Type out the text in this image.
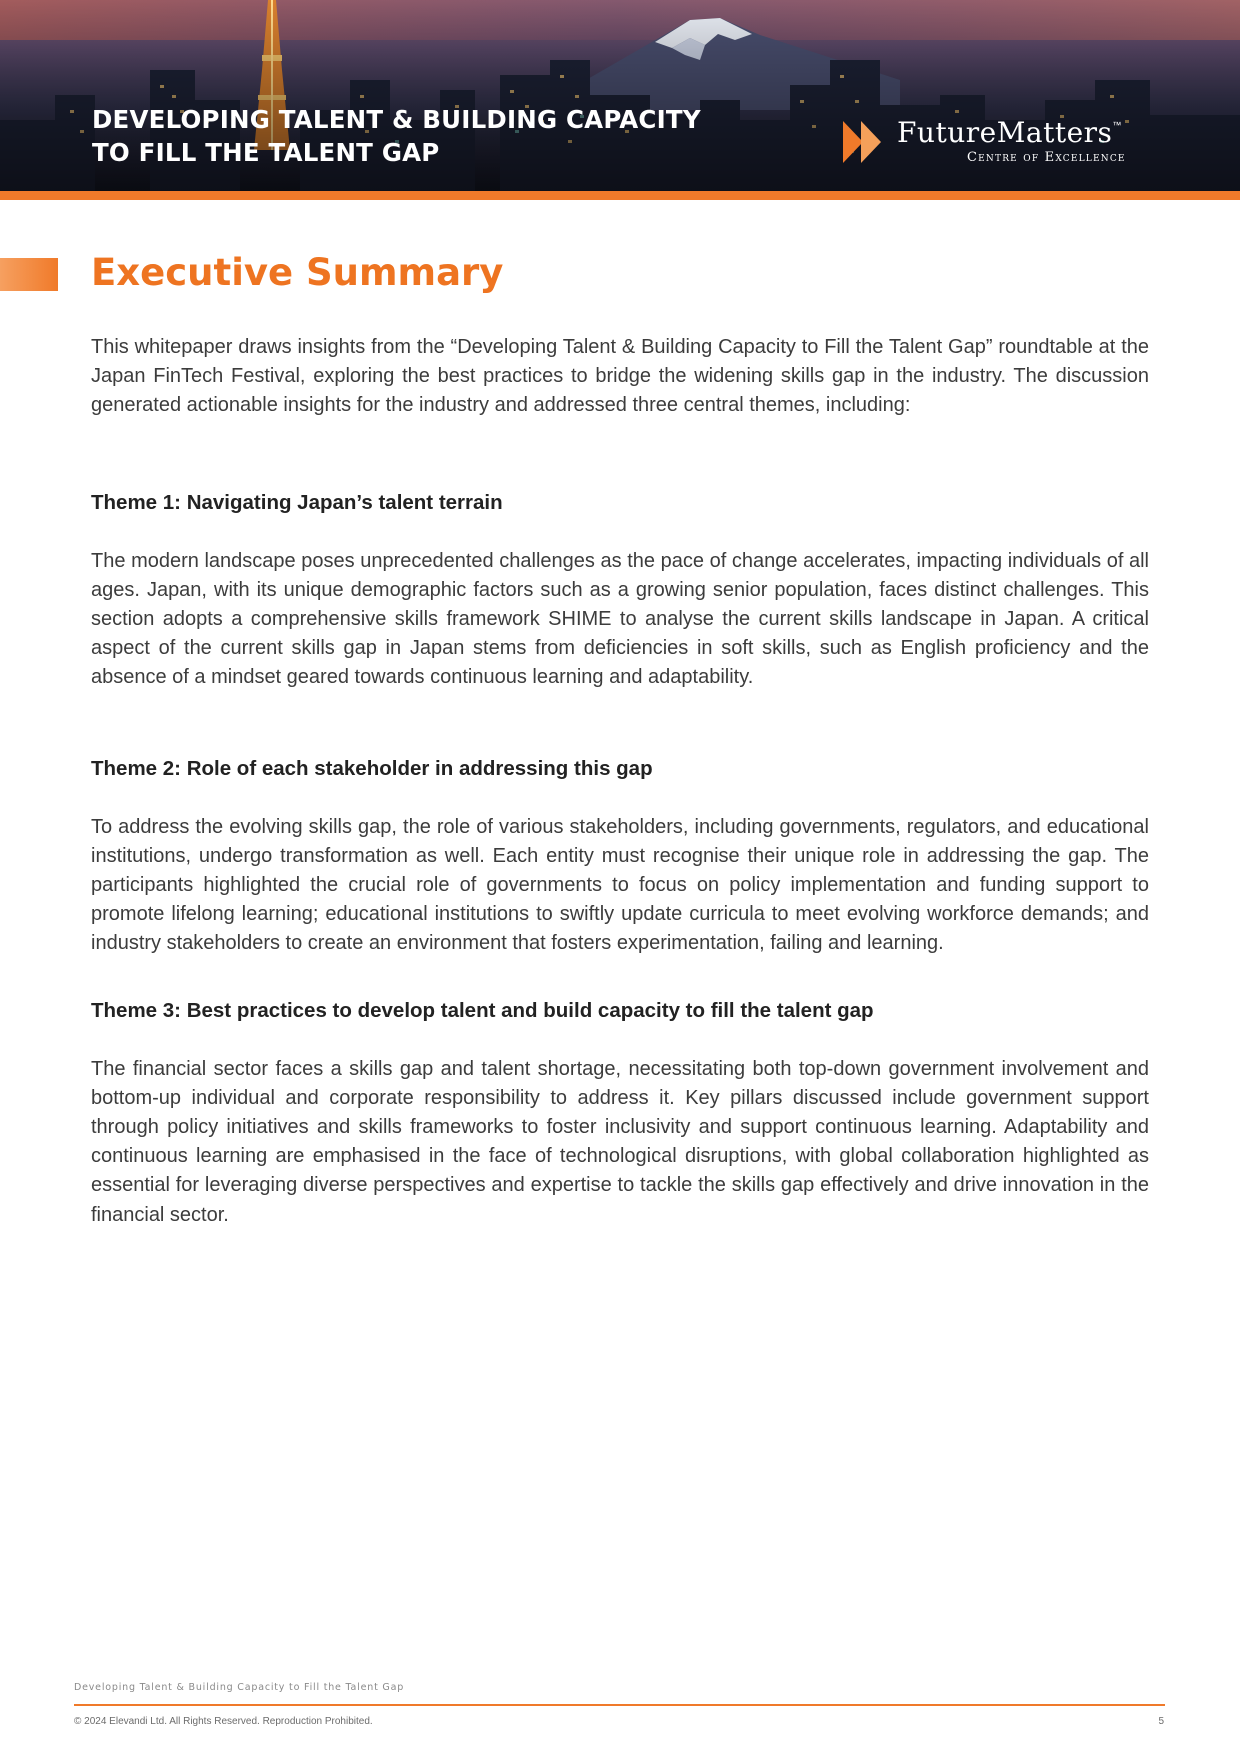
DEVELOPING TALENT & BUILDING CAPACITY
TO FILL THE TALENT GAP
FutureMatters™
Centre of Excellence
Executive Summary

This whitepaper draws insights from the “Developing Talent & Building Capacity to Fill the Talent Gap” roundtable at the Japan FinTech Festival, exploring the best practices to bridge the widening skills gap in the industry. The discussion generated actionable insights for the industry and addressed three central themes, including:

Theme 1: Navigating Japan’s talent terrain

The modern landscape poses unprecedented challenges as the pace of change accelerates, impacting individuals of all ages. Japan, with its unique demographic factors such as a growing senior population, faces distinct challenges. This section adopts a comprehensive skills framework SHIME to analyse the current skills landscape in Japan. A critical aspect of the current skills gap in Japan stems from deficiencies in soft skills, such as English proficiency and the absence of a mindset geared towards continuous learning and adaptability.

Theme 2: Role of each stakeholder in addressing this gap

To address the evolving skills gap, the role of various stakeholders, including governments, regulators, and educational institutions, undergo transformation as well. Each entity must recognise their unique role in addressing the gap. The participants highlighted the crucial role of governments to focus on policy implementation and funding support to promote lifelong learning; educational institutions to swiftly update curricula to meet evolving workforce demands; and industry stakeholders to create an environment that fosters experimentation, failing and learning.

Theme 3: Best practices to develop talent and build capacity to fill the talent gap

The financial sector faces a skills gap and talent shortage, necessitating both top-down government involvement and bottom-up individual and corporate responsibility to address it. Key pillars discussed include government support through policy initiatives and skills frameworks to foster inclusivity and support continuous learning. Adaptability and continuous learning are emphasised in the face of technological disruptions, with global collaboration highlighted as essential for leveraging diverse perspectives and expertise to tackle the skills gap effectively and drive innovation in the financial sector.

Developing Talent & Building Capacity to Fill the Talent Gap
© 2024 Elevandi Ltd. All Rights Reserved. Reproduction Prohibited.	5
